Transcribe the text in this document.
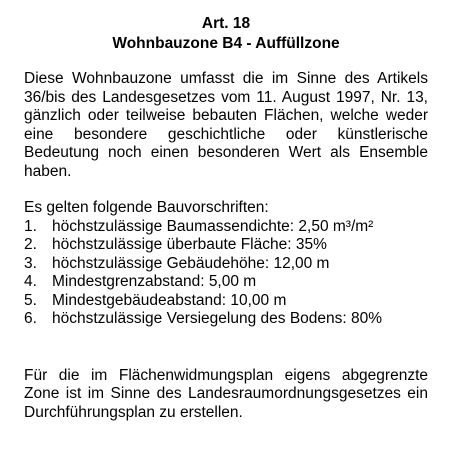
Art. 18
Wohnbauzone B4 - Auffüllzone

Diese Wohnbauzone umfasst die im Sinne des Artikels 36/bis des Landesgesetzes vom 11. August 1997, Nr. 13, gänzlich oder teilweise bebauten Flächen, welche weder eine besondere geschichtliche oder künstlerische Bedeutung noch einen besonderen Wert als Ensemble haben.

Es gelten folgende Bauvorschriften:
1. höchstzulässige Baumassendichte: 2,50 m³/m²
2. höchstzulässige überbaute Fläche: 35%
3. höchstzulässige Gebäudehöhe: 12,00 m
4. Mindestgrenzabstand: 5,00 m
5. Mindestgebäudeabstand: 10,00 m
6. höchstzulässige Versiegelung des Bodens: 80%

Für die im Flächenwidmungsplan eigens abgegrenzte Zone ist im Sinne des Landesraumordnungsgesetzes ein Durchführungsplan zu erstellen.
